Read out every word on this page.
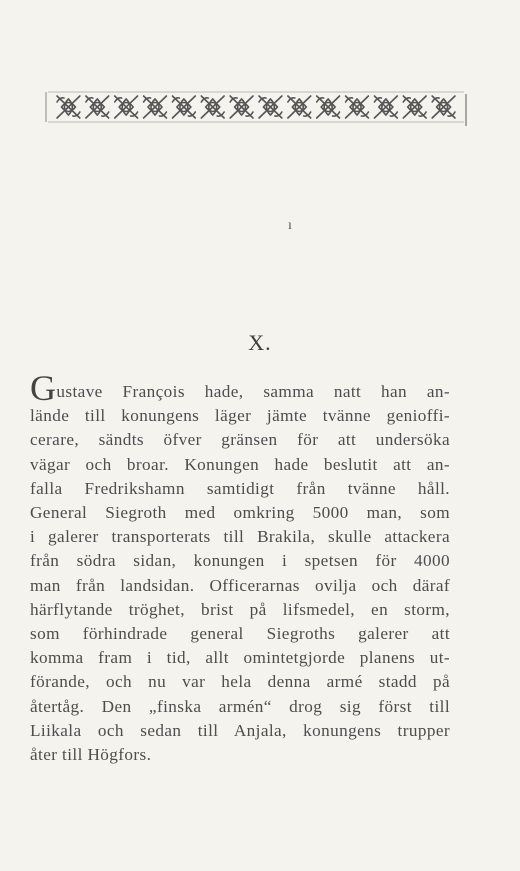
ı
X.
Gustave François hade, samma natt han an-
lände till konungens läger jämte tvänne genioffi-
cerare, sändts öfver gränsen för att undersöka
vägar och broar. Konungen hade beslutit att an-
falla Fredrikshamn samtidigt från tvänne håll.
General Siegroth med omkring 5000 man, som
i galerer transporterats till Brakila, skulle attackera
från södra sidan, konungen i spetsen för 4000
man från landsidan. Officerarnas ovilja och däraf
härflytande tröghet, brist på lifsmedel, en storm,
som förhindrade general Siegroths galerer att
komma fram i tid, allt omintetgjorde planens ut-
förande, och nu var hela denna armé stadd på
återtåg. Den „finska armén“ drog sig först till
Liikala och sedan till Anjala, konungens trupper
åter till Högfors.
